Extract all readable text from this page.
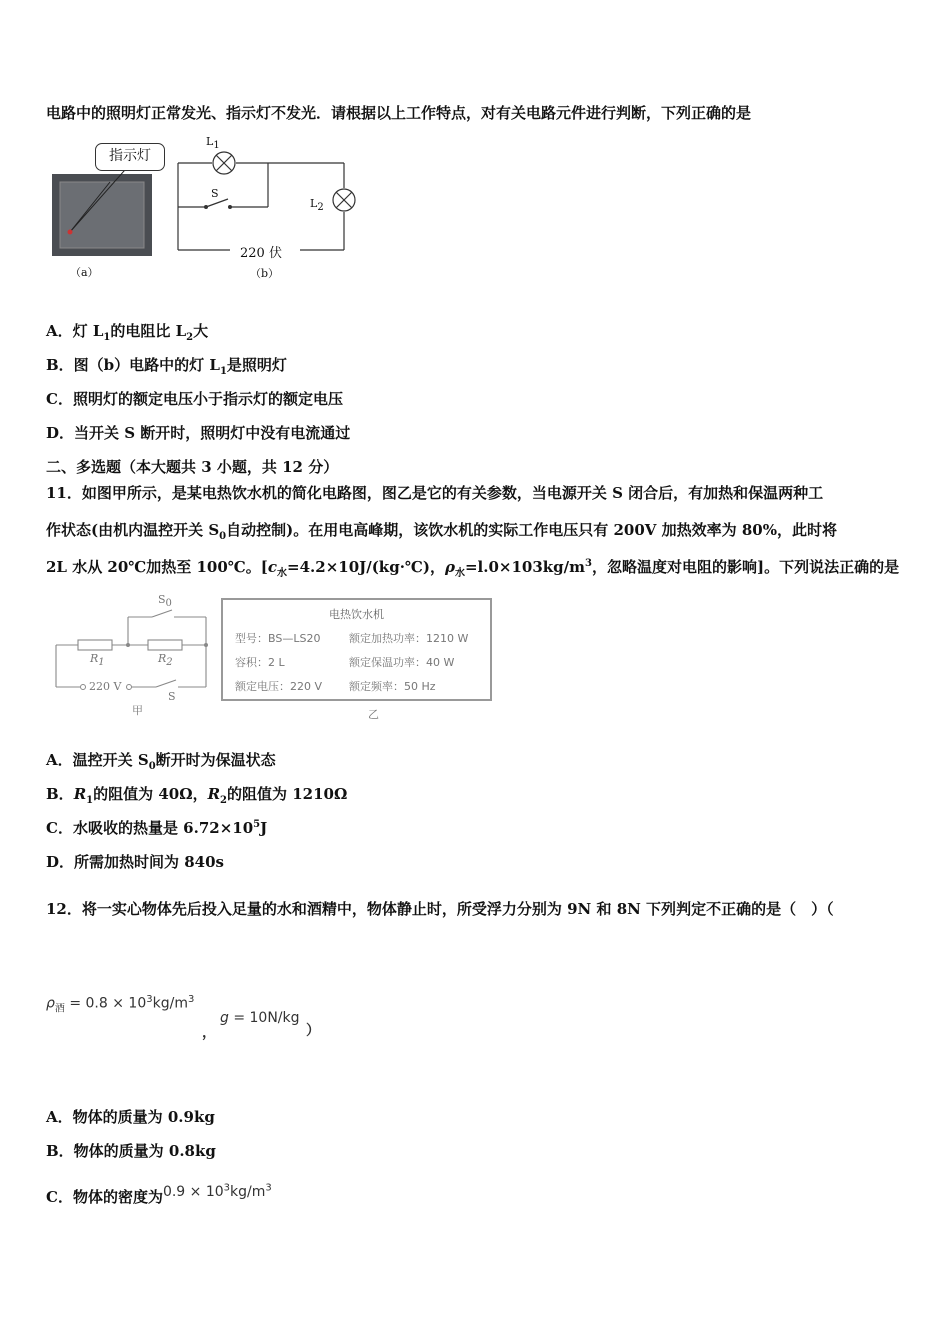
电路中的照明灯正常发光、指示灯不发光．请根据以上工作特点，对有关电路元件进行判断，下列正确的是
指示灯
（a）
$L_1$
$L_2$
S
220 伏
（b）
A．灯 $L_1$的电阻比 $L_2$大
B．图（b）电路中的灯 $L_1$是照明灯
C．照明灯的额定电压小于指示灯的额定电压
D．当开关 S 断开时，照明灯中没有电流通过
二、多选题（本大题共 3 小题，共 12 分）
11．如图甲所示，是某电热饮水机的简化电路图，图乙是它的有关参数，当电源开关 S 闭合后，有加热和保温两种工
作状态(由机内温控开关 $S_0$自动控制)。在用电高峰期，该饮水机的实际工作电压只有 200V 加热效率为 80%，此时将
2L 水从 20℃加热至 100℃。[$c_水=4.2\times 10J/(kg\cdot℃)$，$\rho_水=l.0\times 103kg/m^3$，忽略温度对电阻的影响]。下列说法正确的是
$S_0$
$R_1$	$R_2$
220 V
S
甲
电热饮水机
型号：BS—LS20	额定加热功率：1210 W
容积：2 L	额定保温功率：40 W
额定电压：220 V 额定频率：50 Hz
乙
A．温控开关 $S_0$断开时为保温状态
B．$R_1$的阻值为 40Ω，$R_2$的阻值为 1210Ω
C．水吸收的热量是 $6.72\times 10^5J$
D．所需加热时间为 840s
12．将一实心物体先后投入足量的水和酒精中，物体静止时，所受浮力分别为 9N 和 8N 下列判定不正确的是（　）（
$\rho_酒 = 0.8 \times 10^3kg/m^3$
，
g = 10N/kg
）
A．物体的质量为 0.9kg
B．物体的质量为 0.8kg
C．物体的密度为$0.9 \times 10^3kg/m^3$
